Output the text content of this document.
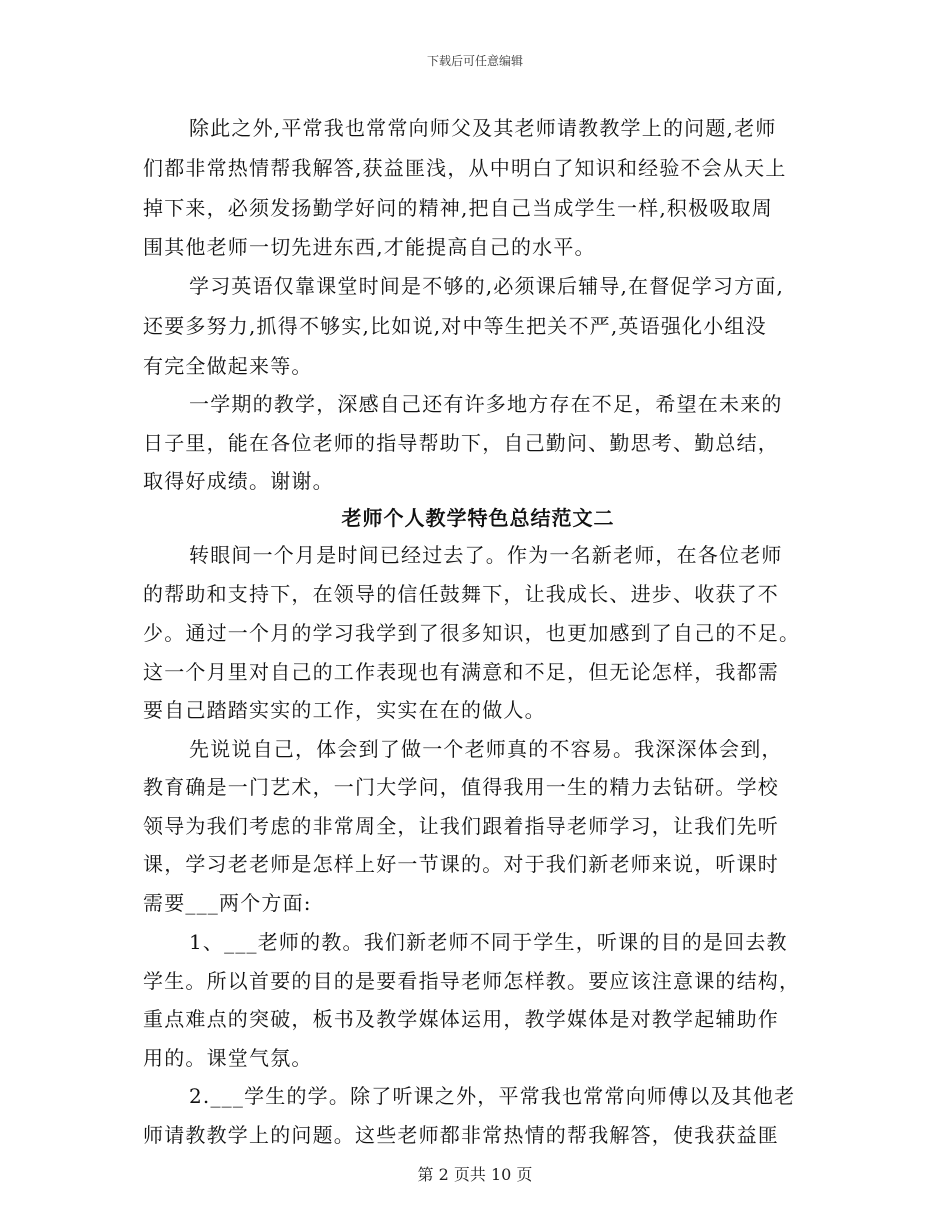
下载后可任意编辑
除此之外,平常我也常常向师父及其老师请教教学上的问题,老师
们都非常热情帮我解答,获益匪浅，从中明白了知识和经验不会从天上
掉下来，必须发扬勤学好问的精神,把自己当成学生一样,积极吸取周
围其他老师一切先进东西,才能提高自己的水平。
学习英语仅靠课堂时间是不够的,必须课后辅导,在督促学习方面,
还要多努力,抓得不够实,比如说,对中等生把关不严,英语强化小组没
有完全做起来等。
一学期的教学，深感自己还有许多地方存在不足，希望在未来的
日子里，能在各位老师的指导帮助下，自己勤问、勤思考、勤总结，
取得好成绩。谢谢。
老师个人教学特色总结范文二
转眼间一个月是时间已经过去了。作为一名新老师，在各位老师
的帮助和支持下，在领导的信任鼓舞下，让我成长、进步、收获了不
少。通过一个月的学习我学到了很多知识，也更加感到了自己的不足。
这一个月里对自己的工作表现也有满意和不足，但无论怎样，我都需
要自己踏踏实实的工作，实实在在的做人。
先说说自己，体会到了做一个老师真的不容易。我深深体会到，
教育确是一门艺术，一门大学问，值得我用一生的精力去钻研。学校
领导为我们考虑的非常周全，让我们跟着指导老师学习，让我们先听
课，学习老老师是怎样上好一节课的。对于我们新老师来说，听课时
需要___两个方面:
1、___老师的教。我们新老师不同于学生，听课的目的是回去教
学生。所以首要的目的是要看指导老师怎样教。要应该注意课的结构，
重点难点的突破，板书及教学媒体运用，教学媒体是对教学起辅助作
用的。课堂气氛。
2.___学生的学。除了听课之外，平常我也常常向师傅以及其他老
师请教教学上的问题。这些老师都非常热情的帮我解答，使我获益匪
第 2 页共 10 页
